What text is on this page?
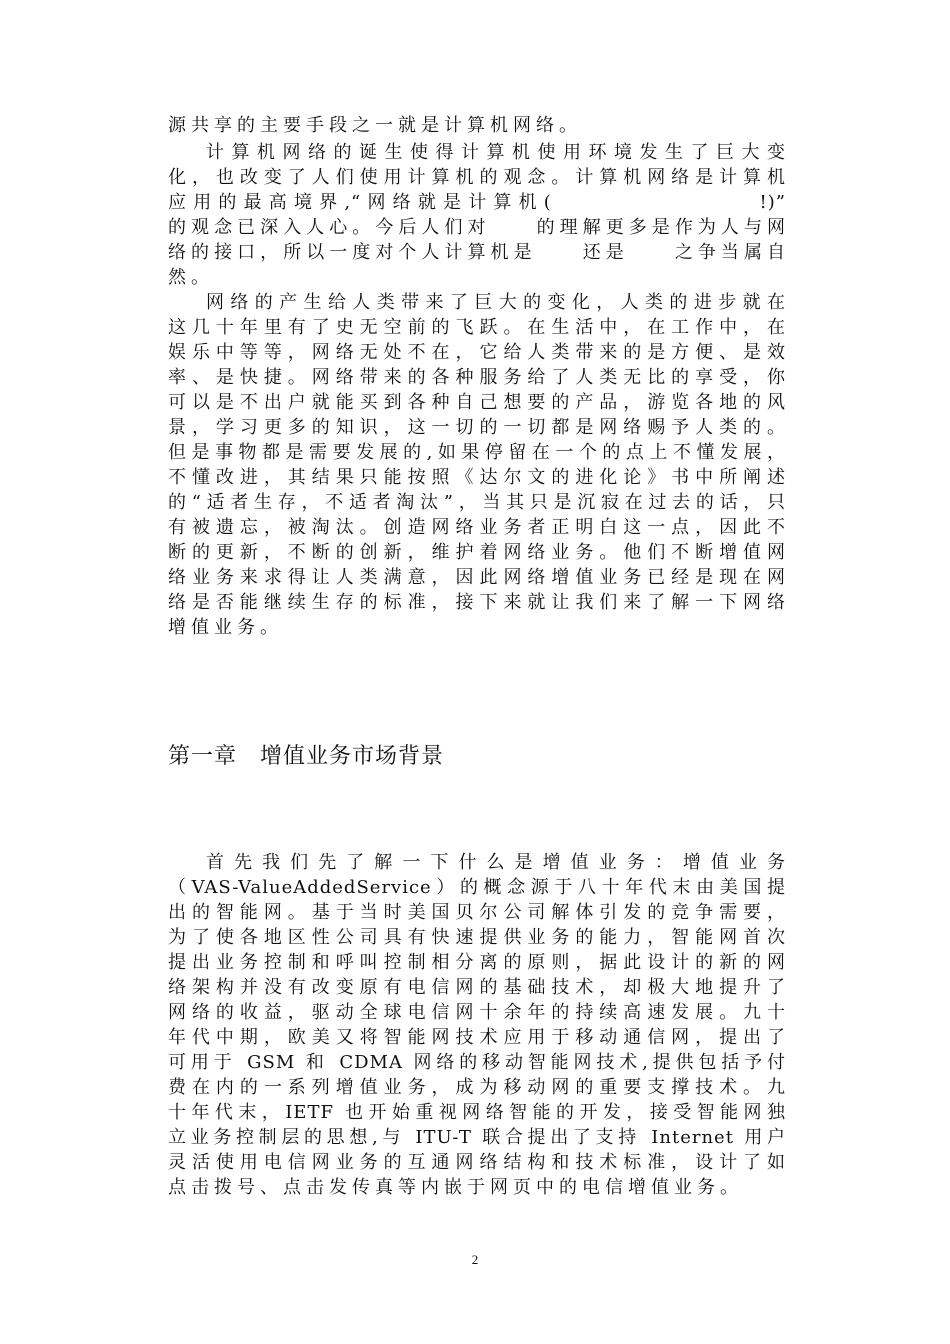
源共享的主要手段之一就是计算机网络。
计算机网络的诞生使得计算机使用环境发生了巨大变
化，也改变了人们使用计算机的观念。计算机网络是计算机
应用的最高境界,“网络就是计算机(　　　　　　　　!)”
的观念已深入人心。今后人们对　　的理解更多是作为人与网
络的接口，所以一度对个人计算机是　　还是　　之争当属自
然。
网络的产生给人类带来了巨大的变化，人类的进步就在
这几十年里有了史无空前的飞跃。在生活中，在工作中，在
娱乐中等等，网络无处不在，它给人类带来的是方便、是效
率、是快捷。网络带来的各种服务给了人类无比的享受，你
可以是不出户就能买到各种自己想要的产品，游览各地的风
景，学习更多的知识，这一切的一切都是网络赐予人类的。
但是事物都是需要发展的,如果停留在一个的点上不懂发展，
不懂改进，其结果只能按照《达尔文的进化论》书中所阐述
的“适者生存，不适者淘汰”，当其只是沉寂在过去的话，只
有被遗忘，被淘汰。创造网络业务者正明白这一点，因此不
断的更新，不断的创新，维护着网络业务。他们不断增值网
络业务来求得让人类满意，因此网络增值业务已经是现在网
络是否能继续生存的标准，接下来就让我们来了解一下网络
增值业务。
第一章　增值业务市场背景
首先我们先了解一下什么是增值业务：增值业务
（VAS-ValueAddedService）的概念源于八十年代末由美国提
出的智能网。基于当时美国贝尔公司解体引发的竞争需要，
为了使各地区性公司具有快速提供业务的能力，智能网首次
提出业务控制和呼叫控制相分离的原则，据此设计的新的网
络架构并没有改变原有电信网的基础技术，却极大地提升了
网络的收益，驱动全球电信网十余年的持续高速发展。九十
年代中期，欧美又将智能网技术应用于移动通信网，提出了
可用于 GSM 和 CDMA 网络的移动智能网技术,提供包括予付
费在内的一系列增值业务，成为移动网的重要支撑技术。九
十年代末，IETF 也开始重视网络智能的开发，接受智能网独
立业务控制层的思想,与 ITU-T 联合提出了支持 Internet 用户
灵活使用电信网业务的互通网络结构和技术标准，设计了如
点击拨号、点击发传真等内嵌于网页中的电信增值业务。
2
